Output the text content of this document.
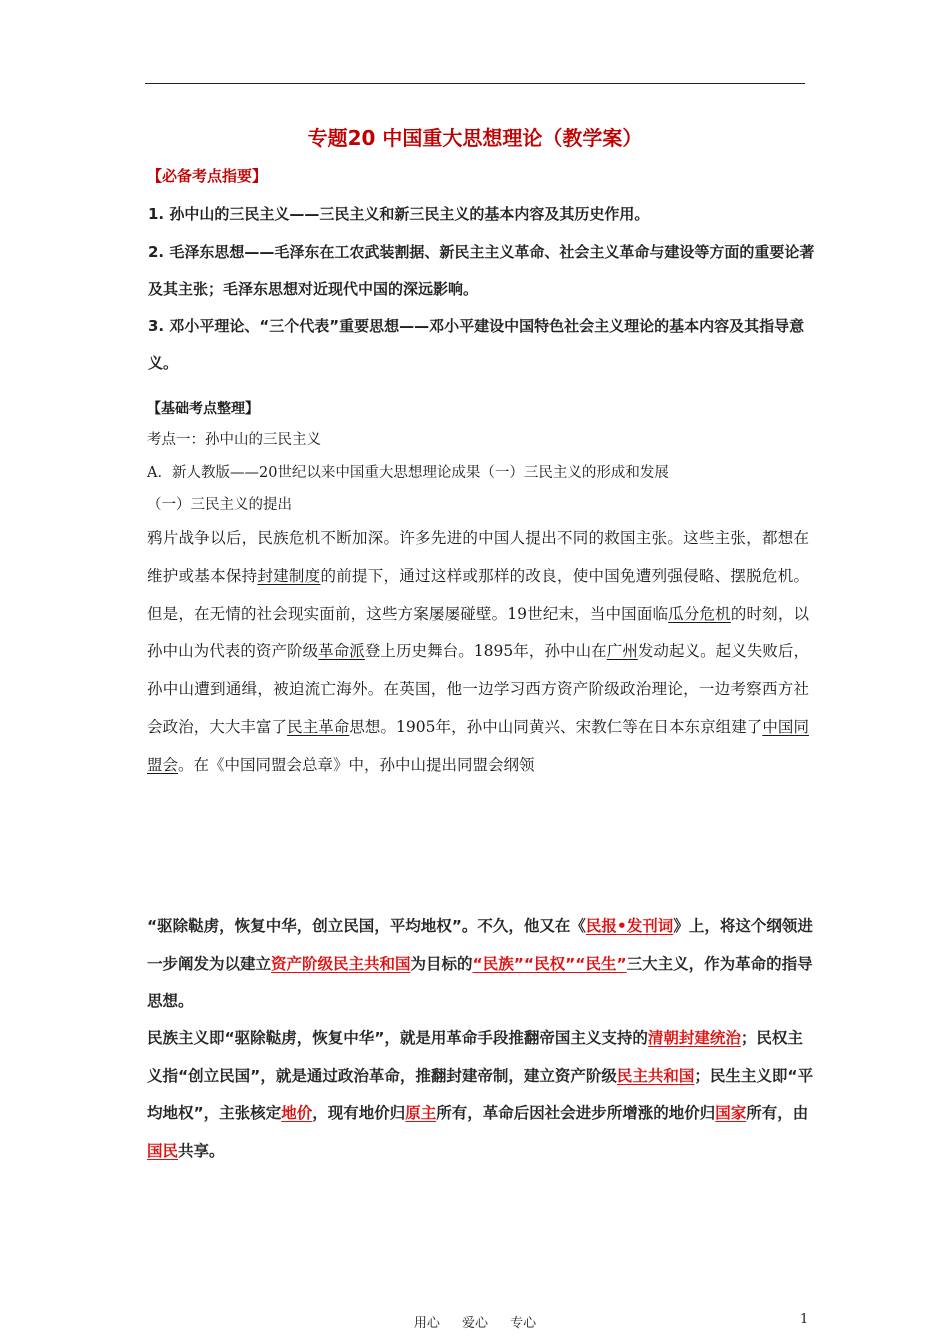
专题20 中国重大思想理论（教学案）
【必备考点指要】
1. 孙中山的三民主义——三民主义和新三民主义的基本内容及其历史作用。
2. 毛泽东思想——毛泽东在工农武装割据、新民主主义革命、社会主义革命与建设等方面的重要论著及其主张；毛泽东思想对近现代中国的深远影响。
3. 邓小平理论、“三个代表”重要思想——邓小平建设中国特色社会主义理论的基本内容及其指导意义。
【基础考点整理】
考点一：孙中山的三民主义
A．新人教版——20世纪以来中国重大思想理论成果（一）三民主义的形成和发展
（一）三民主义的提出
鸦片战争以后，民族危机不断加深。许多先进的中国人提出不同的救国主张。这些主张，都想在维护或基本保持封建制度的前提下，通过这样或那样的改良，使中国免遭列强侵略、摆脱危机。但是，在无情的社会现实面前，这些方案屡屡碰壁。19世纪末，当中国面临瓜分危机的时刻，以孙中山为代表的资产阶级革命派登上历史舞台。1895年，孙中山在广州发动起义。起义失败后，孙中山遭到通缉，被迫流亡海外。在英国，他一边学习西方资产阶级政治理论，一边考察西方社会政治，大大丰富了民主革命思想。1905年，孙中山同黄兴、宋教仁等在日本东京组建了中国同盟会。在《中国同盟会总章》中，孙中山提出同盟会纲领
“驱除鞑虏，恢复中华，创立民国，平均地权”。不久，他又在《民报•发刊词》上，将这个纲领进一步阐发为以建立资产阶级民主共和国为目标的“民族”“民权”“民生”三大主义，作为革命的指导思想。
民族主义即“驱除鞑虏，恢复中华”，就是用革命手段推翻帝国主义支持的清朝封建统治；民权主义指“创立民国”，就是通过政治革命，推翻封建帝制，建立资产阶级民主共和国；民生主义即“平均地权”，主张核定地价，现有地价归原主所有，革命后因社会进步所增涨的地价归国家所有，由国民共享。
用心 爱心 专心	1
